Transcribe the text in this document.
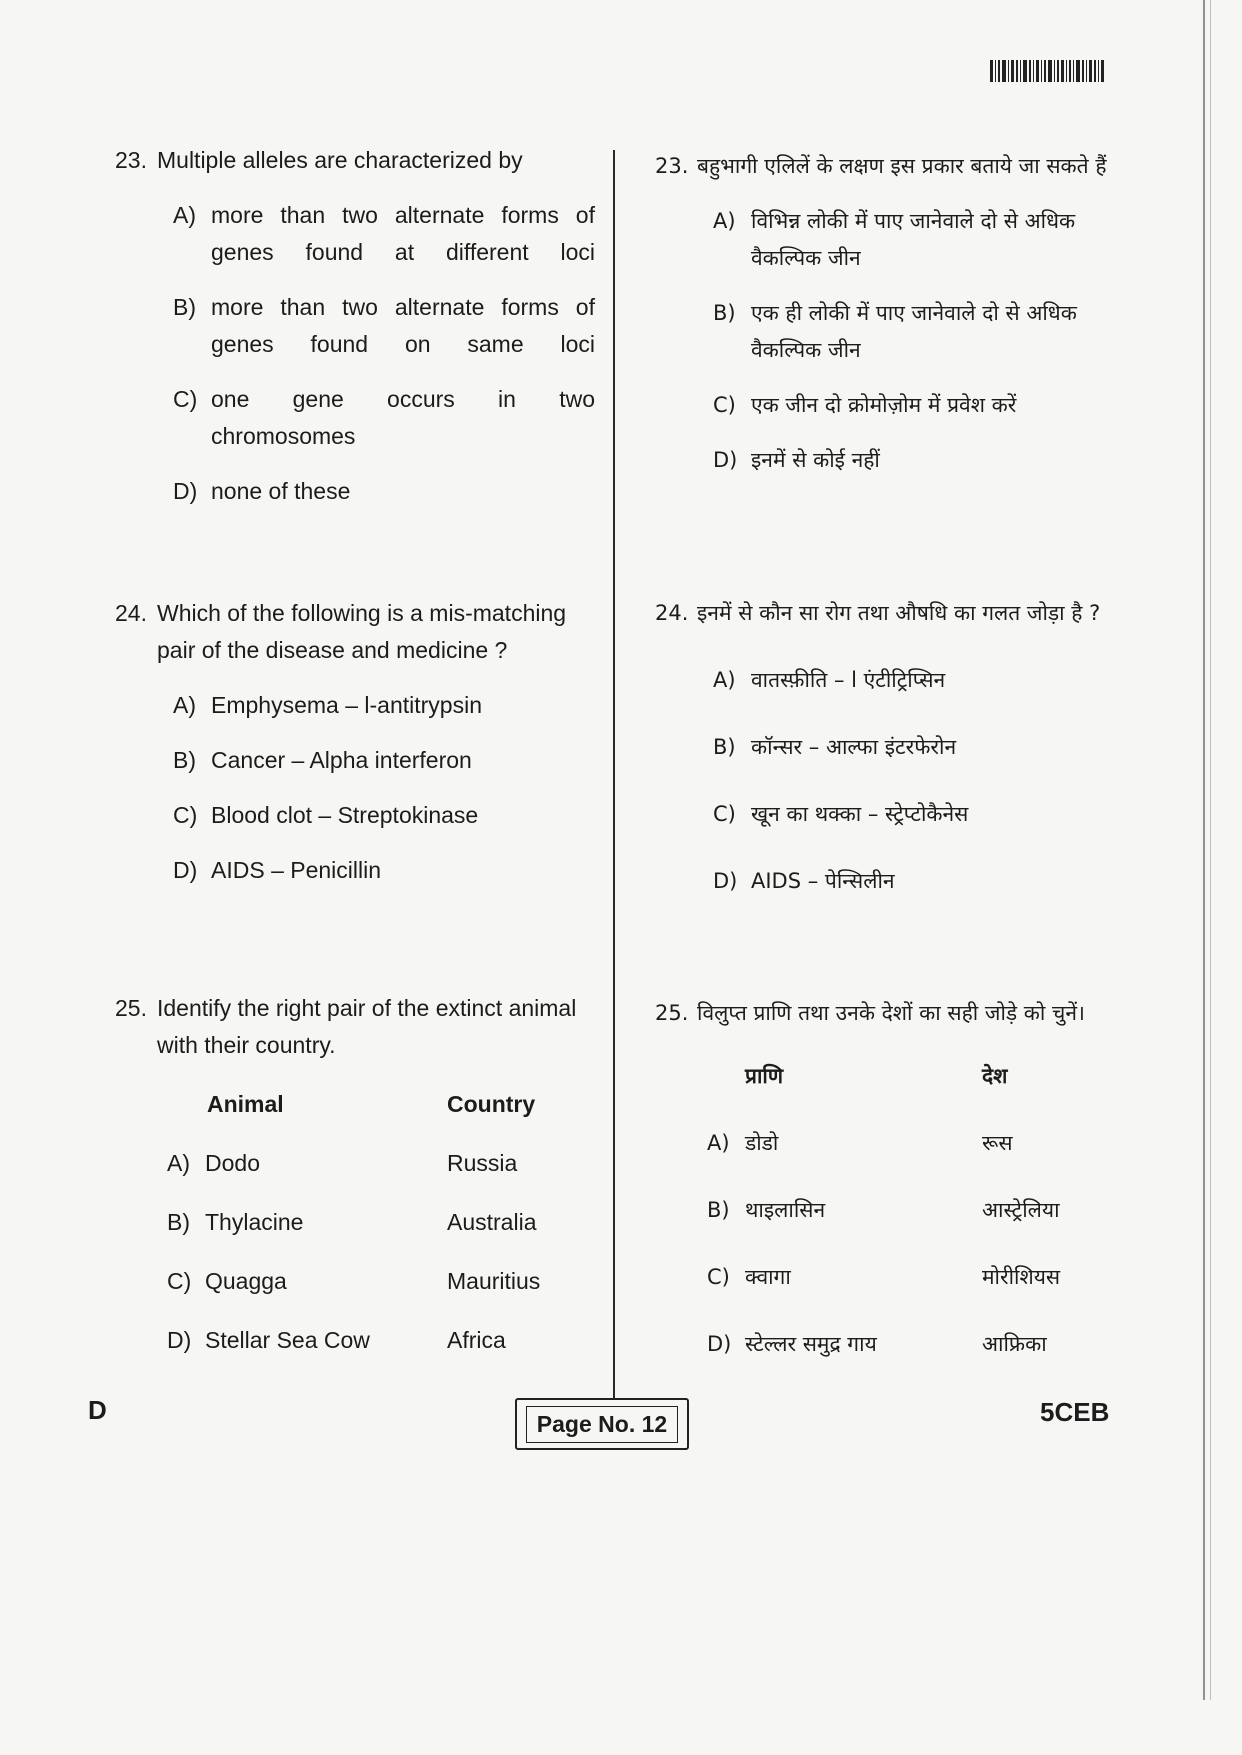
23. Multiple alleles are characterized by
A) more than two alternate forms of genes found at different loci
B) more than two alternate forms of genes found on same loci
C) one gene occurs in two chromosomes
D) none of these
24. Which of the following is a mis-matching pair of the disease and medicine ?
A) Emphysema – l-antitrypsin
B) Cancer – Alpha interferon
C) Blood clot – Streptokinase
D) AIDS – Penicillin
25. Identify the right pair of the extinct animal with their country.
Animal	Country
A) Dodo	Russia
B) Thylacine	Australia
C) Quagga	Mauritius
D) Stellar Sea Cow	Africa
23. बहुभागी एलिलें के लक्षण इस प्रकार बताये जा सकते हैं
A) विभिन्न लोकी में पाए जानेवाले दो से अधिक वैकल्पिक जीन
B) एक ही लोकी में पाए जानेवाले दो से अधिक वैकल्पिक जीन
C) एक जीन दो क्रोमोज़ोम में प्रवेश करें
D) इनमें से कोई नहीं
24. इनमें से कौन सा रोग तथा औषधि का गलत जोड़ा है ?
A) वातस्फ़ीति – l एंटीट्रिप्सिन
B) कॉन्सर – आल्फा इंटरफेरोन
C) खून का थक्का – स्ट्रेप्टोकैनेस
D) AIDS – पेन्सिलीन
25. विलुप्त प्राणि तथा उनके देशों का सही जोड़े को चुनें।
प्राणि	देश
A) डोडो	रूस
B) थाइलासिन	आस्ट्रेलिया
C) क्वागा	मोरीशियस
D) स्टेल्लर समुद्र गाय	आफ्रिका
D	Page No. 12	5CEB
